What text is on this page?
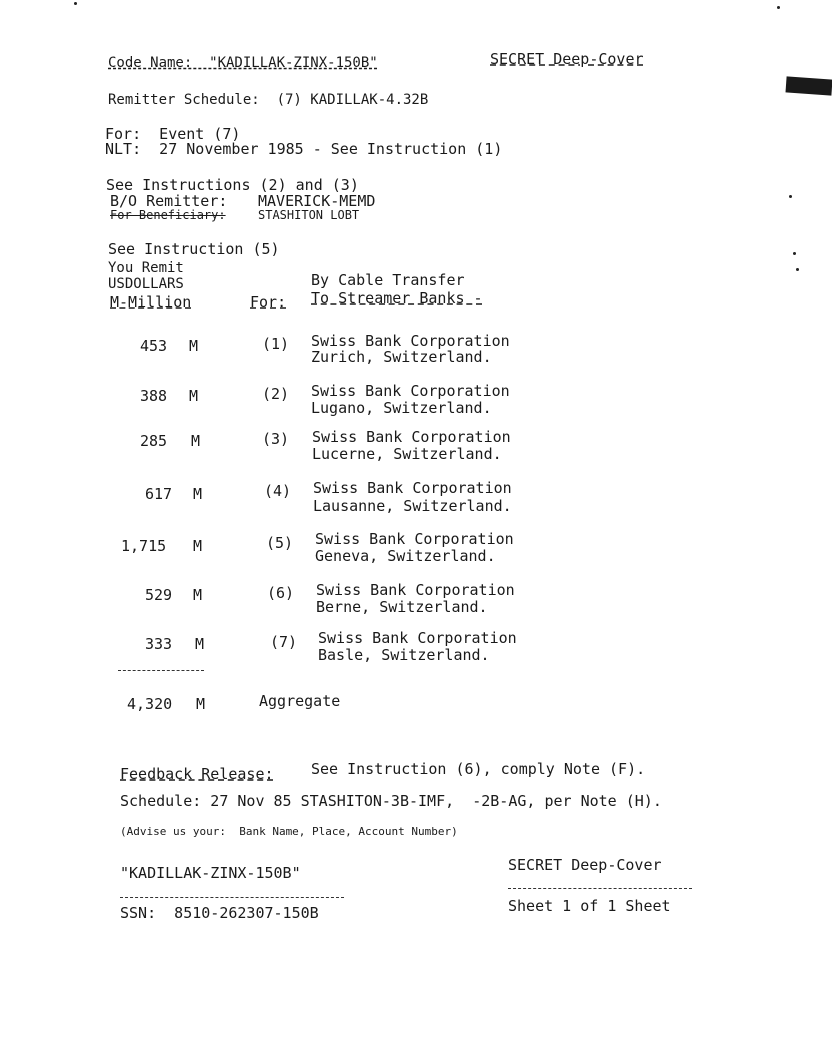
Code Name:  "KADILLAK-ZINX-150B"	SECRET Deep-Cover
Remitter Schedule:  (7) KADILLAK-4.32B
For:  Event (7)
NLT:  27 November 1985 - See Instruction (1)
See Instructions (2) and (3)
B/O Remitter: MAVERICK-MEMD
For Beneficiary:	STASHITON LOBT
See Instruction (5)
You Remit
USDOLLARS
M-Million	For:
By Cable Transfer
To Streamer Banks -
453 M	(1) Swiss Bank Corporation
Zurich, Switzerland.
388 M	(2) Swiss Bank Corporation
Lugano, Switzerland.
285 M	(3) Swiss Bank Corporation
Lucerne, Switzerland.
617 M	(4) Swiss Bank Corporation
Lausanne, Switzerland.
1,715 M	(5) Swiss Bank Corporation
Geneva, Switzerland.
529 M	(6) Swiss Bank Corporation
Berne, Switzerland.
333 M	(7) Swiss Bank Corporation
Basle, Switzerland.
4,320 M	Aggregate
Feedback Release: See Instruction (6), comply Note (F).
Schedule: 27 Nov 85 STASHITON-3B-IMF,  -2B-AG, per Note (H).
(Advise us your:  Bank Name, Place, Account Number)
"KADILLAK-ZINX-150B"	SECRET Deep-Cover
SSN:  8510-262307-150B	Sheet 1 of 1 Sheet
